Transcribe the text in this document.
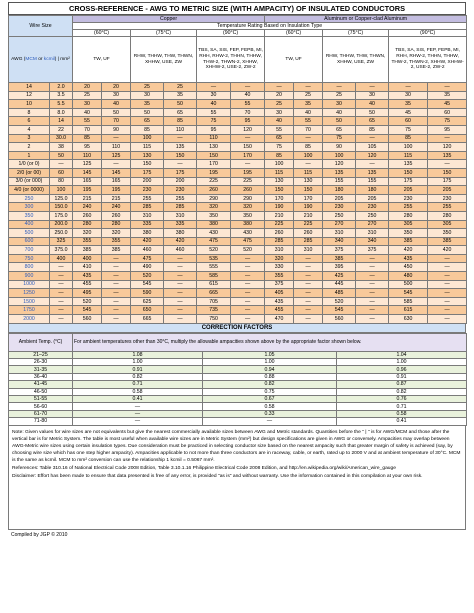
CROSS-REFERENCE - AWG TO METRIC SIZE (WITH AMPACITY) OF INSULATED CONDUCTORS
Wire Size		Copper						Aluminum or Copper-clad Aluminum					
		Temperature Rating Based on Insulation Type											
		(60°C)		(75°C)		(90°C)		(60°C)		(75°C)		(90°C)	
AWG (MCM or kcmil) | mm²		TW, UF		RHW, THHW, THW, THWN, XHHW, USE, ZW		TBS, SA, SIS, FEP, FEPB, MI, RHH, RHW-2, THHN, THHW, THW-2, THWN-2, XHHW, XHHW-2, USE-2, ZW-2		TW, UF		RHW, THHW, THW, THWN, XHHW, USE, ZW		TBS, SA, SIS, FEP, FEPB, MI, RHH, RHW-2, THHN, THHW, THW-2, THWN-2, XHHW, XHHW-2, USE-2, ZW-2	
14	2.0	20	20	25	25	—	—	—	—	—	—	—	—
12	3.5	25	30	30	35	30	40	20	25	25	30	30	35
10	5.5	30	40	35	50	40	55	25	35	30	40	35	45
8	8.0	40	50	50	65	55	70	30	40	40	50	45	60
6	14	55	70	65	85	75	95	40	55	50	65	60	75
4	22	70	90	85	110	95	120	55	70	65	85	75	95
3	30.0	85	—	100	—	110	—	65	—	75	—	85	—
2	38	95	110	115	135	130	150	75	85	90	105	100	120
1	50	110	125	130	150	150	170	85	100	100	120	115	135
1/0 (or 0)	—	125	—	150	—	170	—	100	—	120	—	135	—
2/0 (or 00)	60	145	145	175	175	195	195	115	115	135	135	150	150
3/0 (or 000)	80	165	165	200	200	225	225	130	130	155	155	175	175
4/0 (or 0000)	100	195	195	230	230	260	260	150	150	180	180	205	205
250	125.0	215	215	255	255	290	290	170	170	205	205	230	230
300	150.0	240	240	285	285	320	320	190	190	230	230	255	255
350	175.0	260	260	310	310	350	350	210	210	250	250	280	280
400	200.0	280	280	335	335	380	380	225	225	270	270	305	305
500	250.0	320	320	380	380	430	430	260	260	310	310	350	350
600	325	355	355	420	420	475	475	285	285	340	340	385	385
700	375.0	385	385	460	460	520	520	310	310	375	375	420	420
750	400	400	—	475	—	535	—	320	—	385	—	435	—
800	—	410	—	490	—	555	—	330	—	395	—	450	—
900	—	435	—	520	—	585	—	355	—	425	—	480	—
1000	—	455	—	545	—	615	—	375	—	445	—	500	—
1250	—	495	—	590	—	665	—	405	—	485	—	545	—
1500	—	520	—	625	—	705	—	435	—	520	—	585	—
1750	—	545	—	650	—	735	—	455	—	545	—	615	—
2000	—	560	—	665	—	750	—	470	—	560	—	630	—
CORRECTION FACTORS
Ambient Temp. (°C)	For ambient temperatures other than 30°C, multiply the allowable ampacities shown above by the appropriate factor shown below.		
21–25	1.08	1.05	1.04
26-30	1.00	1.00	1.00
31-35	0.91	0.94	0.96
36-40	0.82	0.88	0.91
41-45	0.71	0.82	0.87
46-50	0.58	0.75	0.82
51-55	0.41	0.67	0.76
56-60	—	0.58	0.71
61-70	—	0.33	0.58
71-80	—	—	0.41

Note: Given values for wire sizes are not equivalents but give the nearest commercially available sizes between AWG and Metric standards. Quantities before the " | " is for AWG/MCM and those after the vertical bar is for Metric System. The table is most useful when available wire sizes are in Metric System (mm²) but design specifications are given in AWG or conversely. Ampacities may overlap between AWG-Metric wire sizes using certain insulation types. Due consideration must be practiced in selecting conductor size based on the nearest ampacity such that greater margin of safety is achieved (say, by choosing wire size which has one step higher ampacity). Ampacities applicable to not more than three conductors are in raceway, cable, or earth, rated up to 2000 V and at ambient temperature of 30°C. MCM is the same as kcmil. MCM to mm² conversion can use the relationship 1 kcmil = 0.5067 mm².

References: Table 310.16 of National Electrical Code 2008 Edition, Table 3.10.1.16 Philippine Electrical Code 2008 Edition, and http://en.wikipedia.org/wiki/American_wire_gauge

Disclaimer: Effort has been made to ensure that data presented is free of any error, is provided "as is" and without warranty. Use the information contained in this compilation at your own risk.

Compiled by JGP © 2010
